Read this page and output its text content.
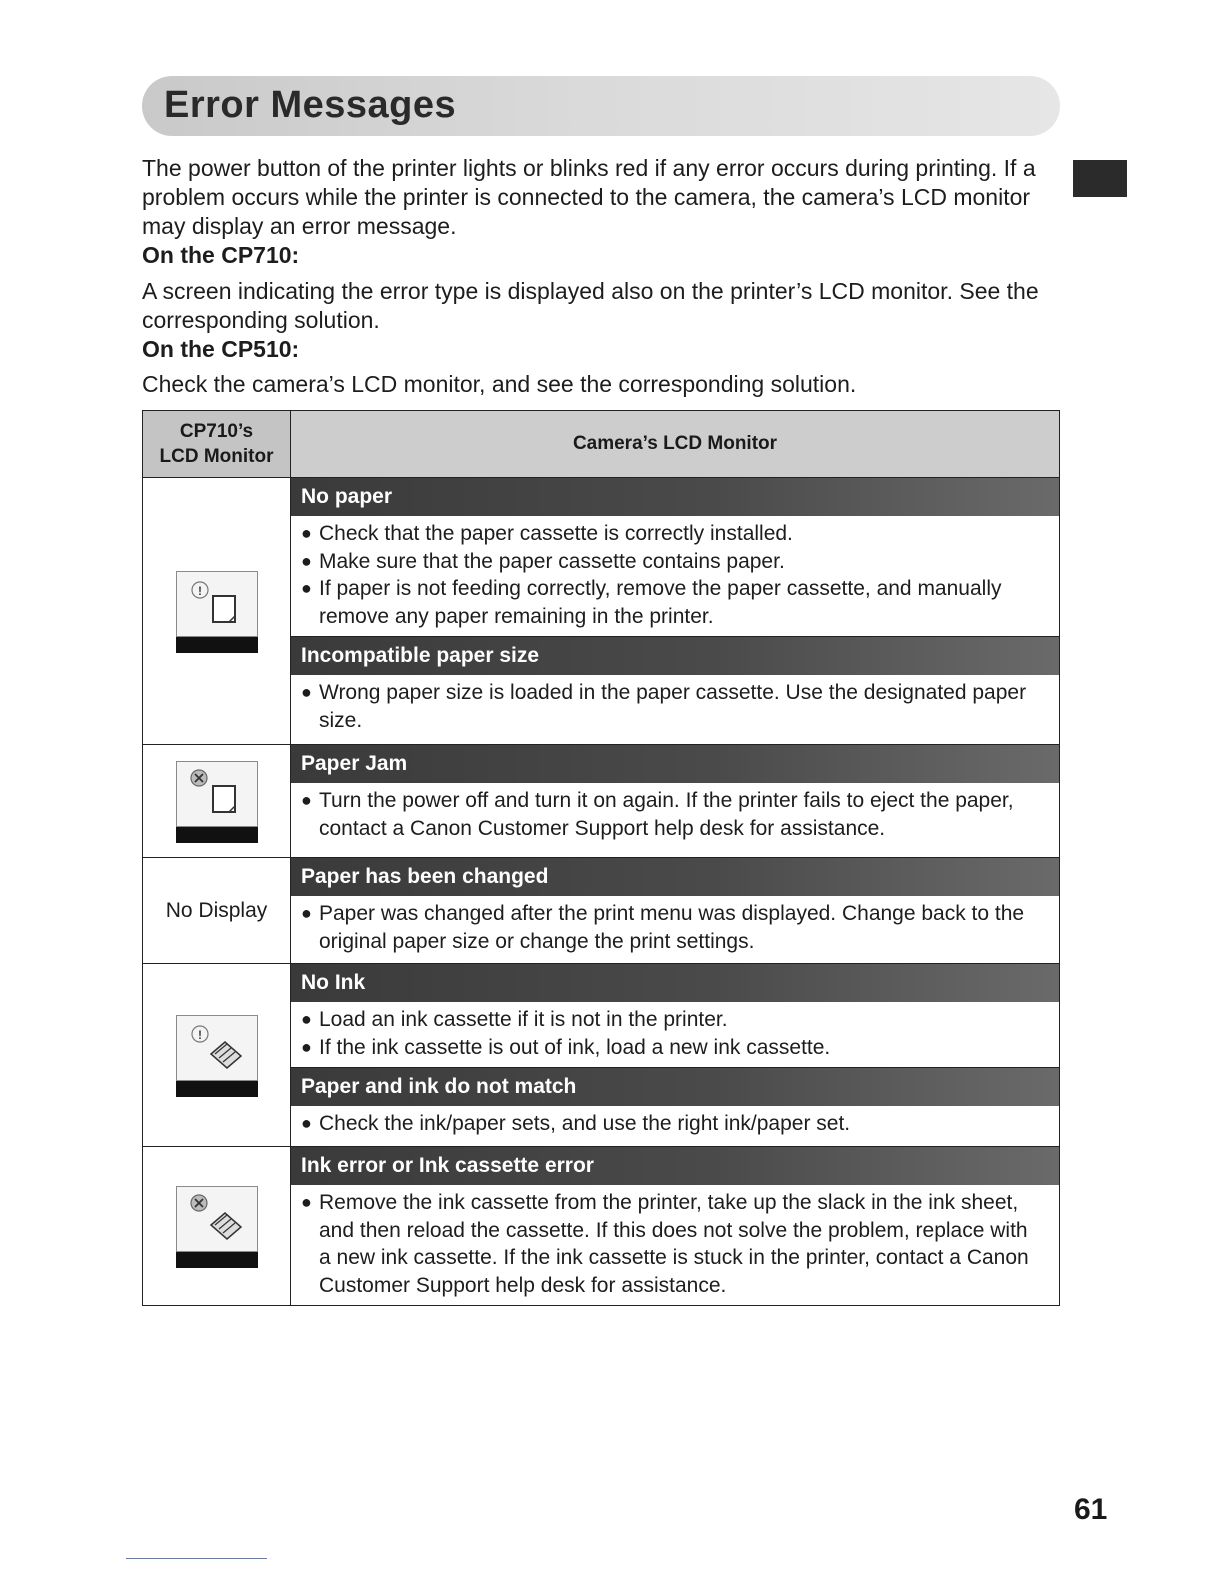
Error Messages

The power button of the printer lights or blinks red if any error occurs during printing. If a problem occurs while the printer is connected to the camera, the camera’s LCD monitor may display an error message.

On the CP710:

A screen indicating the error type is displayed also on the printer’s LCD monitor. See the corresponding solution.

On the CP510:

Check the camera’s LCD monitor, and see the corresponding solution.

CP710’s
LCD Monitor
Camera’s LCD Monitor
!
No paper
● Check that the paper cassette is correctly installed.
● Make sure that the paper cassette contains paper.
● If paper is not feeding correctly, remove the paper cassette, and manually remove any paper remaining in the printer.
Incompatible paper size
● Wrong paper size is loaded in the paper cassette. Use the designated paper size.
Paper Jam
● Turn the power off and turn it on again. If the printer fails to eject the paper, contact a Canon Customer Support help desk for assistance.
No Display
Paper has been changed
● Paper was changed after the print menu was displayed. Change back to the original paper size or change the print settings.
!
No Ink
● Load an ink cassette if it is not in the printer.
● If the ink cassette is out of ink, load a new ink cassette.
Paper and ink do not match
● Check the ink/paper sets, and use the right ink/paper set.
Ink error or Ink cassette error
● Remove the ink cassette from the printer, take up the slack in the ink sheet, and then reload the cassette. If this does not solve the problem, replace with a new ink cassette. If the ink cassette is stuck in the printer, contact a Canon Customer Support help desk for assistance.
61
